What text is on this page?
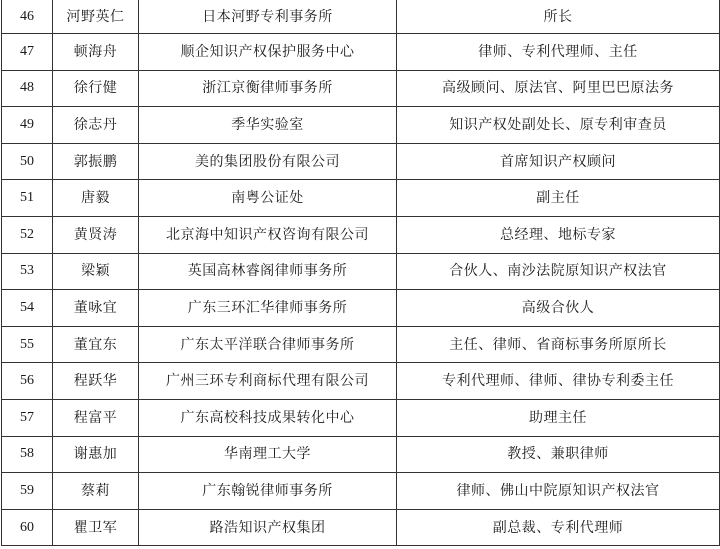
46	河野英仁	日本河野专利事务所	所长
47	顿海舟	顺企知识产权保护服务中心	律师、专利代理师、主任
48	徐行健	浙江京衡律师事务所	高级顾问、原法官、阿里巴巴原法务
49	徐志丹	季华实验室	知识产权处副处长、原专利审查员
50	郭振鹏	美的集团股份有限公司	首席知识产权顾问
51	唐毅	南粤公证处	副主任
52	黄贤涛	北京海中知识产权咨询有限公司	总经理、地标专家
53	梁颖	英国高林睿阁律师事务所	合伙人、南沙法院原知识产权法官
54	董咏宜	广东三环汇华律师事务所	高级合伙人
55	董宜东	广东太平洋联合律师事务所	主任、律师、省商标事务所原所长
56	程跃华	广州三环专利商标代理有限公司	专利代理师、律师、律协专利委主任
57	程富平	广东高校科技成果转化中心	助理主任
58	谢惠加	华南理工大学	教授、兼职律师
59	蔡莉	广东翰锐律师事务所	律师、佛山中院原知识产权法官
60	瞿卫军	路浩知识产权集团	副总裁、专利代理师
